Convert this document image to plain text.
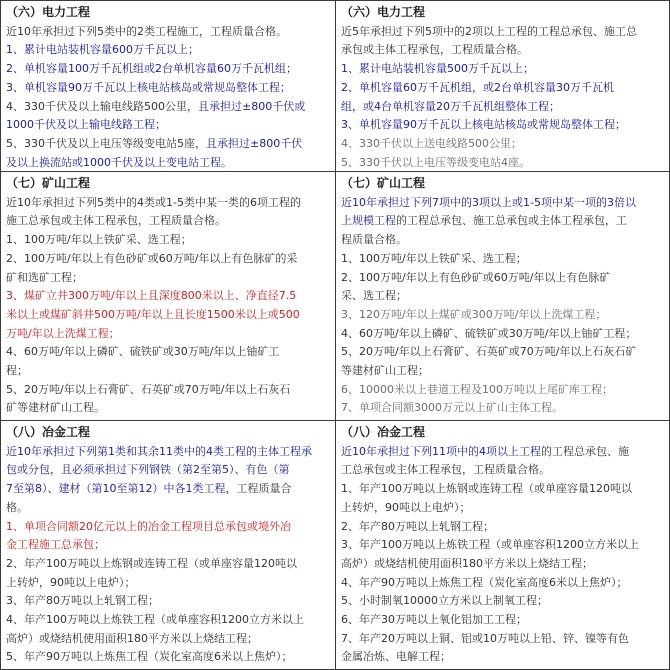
（六）电力工程
近10年承担过下列5类中的2类工程施工，工程质量合格。
1、累计电站装机容量600万千瓦以上；
2、单机容量100万千瓦机组或2台单机容量60万千瓦机组；
3、单机容量90万千瓦以上核电站核岛或常规岛整体工程；
4、330千伏及以上输电线路500公里，且承担过±800千伏或
1000千伏及以上输电线路工程；
5、330千伏及以上电压等级变电站5座，且承担过±800千伏
及以上换流站或1000千伏及以上变电站工程。
（六）电力工程
近5年承担过下列5项中的2项以上工程的工程总承包、施工总
承包或主体工程承包，工程质量合格。
1、累计电站装机容量500万千瓦以上；
2、单机容量60万千瓦机组，或2台单机容量30万千瓦机
组，或4台单机容量20万千瓦机组整体工程；
3、单机容量90万千瓦以上核电站核岛或常规岛整体工程；
4、330千伏以上送电线路500公里；
5、330千伏以上电压等级变电站4座。
（七）矿山工程
近10年承担过下列5类中的4类或1-5类中某一类的6项工程的
施工总承包或主体工程承包，工程质量合格。
1、100万吨/年以上铁矿采、选工程；
2、100万吨/年以上有色砂矿或60万吨/年以上有色脉矿的采
矿和选矿工程；
3、煤矿立井300万吨/年以上且深度800米以上、净直径7.5
米以上或煤矿斜井500万吨/年以上且长度1500米以上或500
万吨/年以上洗煤工程；
4、60万吨/年以上磷矿、硫铁矿或30万吨/年以上铀矿工
程；
5、20万吨/年以上石膏矿、石英矿或70万吨/年以上石灰石
矿等建材矿山工程。
（七）矿山工程
近10年承担过下列7项中的3项以上或1-5项中某一项的3倍以
上规模工程的工程总承包、施工总承包或主体工程承包，工
程质量合格。
1、100万吨/年以上铁矿采、选工程；
2、100万吨/年以上有色砂矿或60万吨/年以上有色脉矿
采、选工程；
3、120万吨/年以上煤矿或300万吨/年以上洗煤工程；
4、60万吨/年以上磷矿、硫铁矿或30万吨/年以上铀矿工程；
5、20万吨/年以上石膏矿、石英矿或70万吨/年以上石灰石矿
等建材矿山工程；
6、10000米以上巷道工程及100万吨以上尾矿库工程；
7、单项合同额3000万元以上矿山主体工程。
（八）冶金工程
近10年承担过下列第1类和其余11类中的4类工程的主体工程承
包或分包，且必须承担过下列钢铁（第2至第5）、有色（第
7至第8）、建材（第10至第12）中各1类工程，工程质量合
格。
1、单项合同额20亿元以上的冶金工程项目总承包或境外冶
金工程施工总承包；
2、年产100万吨以上炼钢或连铸工程（或单座容量120吨以
上转炉，90吨以上电炉）；
3、年产80万吨以上轧钢工程；
4、年产100万吨以上炼铁工程（或单座容积1200立方米以上
高炉）或烧结机使用面积180平方米以上烧结工程；
5、年产90万吨以上炼焦工程（炭化室高度6米以上焦炉）；
（八）冶金工程
近10年承担过下列11项中的4项以上工程的工程总承包、施
工总承包或主体工程承包，工程质量合格。
1、年产100万吨以上炼钢或连铸工程（或单座容量120吨以
上转炉，90吨以上电炉）；
2、年产80万吨以上轧钢工程；
3、年产100万吨以上炼铁工程（或单座容积1200立方米以上
高炉）或烧结机使用面积180平方米以上烧结工程；
4、年产90万吨以上炼焦工程（炭化室高度6米以上焦炉）；
5、小时制氧10000立方米以上制氧工程；
6、年产30万吨以上氧化铝加工工程；
7、年产20万吨以上铜、铝或10万吨以上铅、锌、镍等有色
金属冶炼、电解工程；
